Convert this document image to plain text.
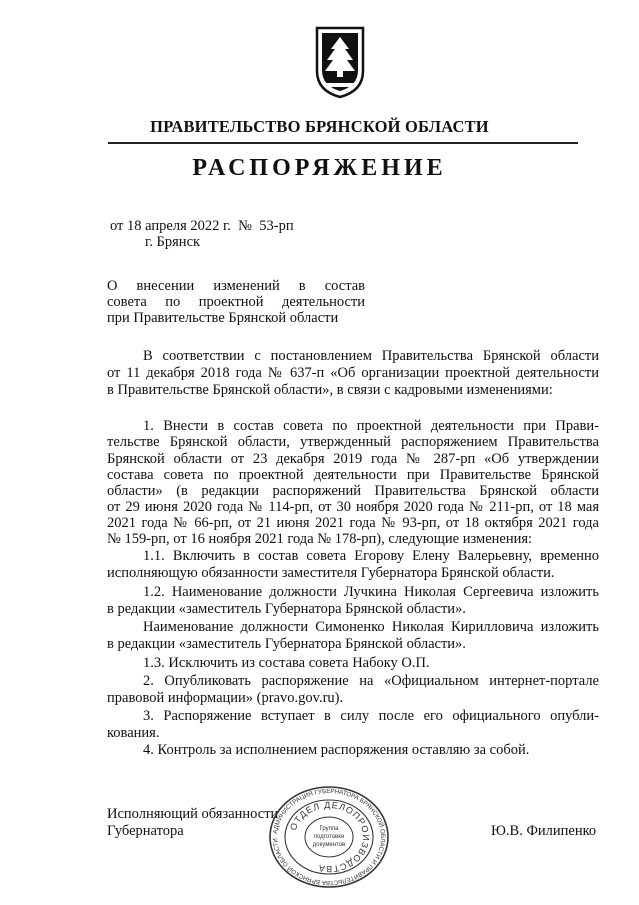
ПРАВИТЕЛЬСТВО БРЯНСКОЙ ОБЛАСТИ
РАСПОРЯЖЕНИЕ
от 18 апреля 2022 г.  №  53-рп
г. Брянск
О внесении изменений в состав
совета по проектной деятельности
при Правительстве Брянской области
В соответствии с постановлением Правительства Брянской области
от 11 декабря 2018 года № 637-п «Об организации проектной деятельности
в Правительстве Брянской области», в связи с кадровыми изменениями:
1. Внести в состав совета по проектной деятельности при Прави-
тельстве Брянской области, утвержденный распоряжением Правительства
Брянской области от 23 декабря 2019 года № 287-рп «Об утверждении
состава совета по проектной деятельности при Правительстве Брянской
области» (в редакции распоряжений Правительства Брянской области
от 29 июня 2020 года № 114-рп, от 30 ноября 2020 года № 211-рп, от 18 мая
2021 года № 66-рп, от 21 июня 2021 года № 93-рп, от 18 октября 2021 года
№ 159-рп, от 16 ноября 2021 года № 178-рп), следующие изменения:
1.1. Включить в состав совета Егорову Елену Валерьевну, временно
исполняющую обязанности заместителя Губернатора Брянской области.
1.2. Наименование должности Лучкина Николая Сергеевича изложить
в редакции «заместитель Губернатора Брянской области».
Наименование должности Симоненко Николая Кирилловича изложить
в редакции «заместитель Губернатора Брянской области».
1.3. Исключить из состава совета Набоку О.П.
2. Опубликовать распоряжение на «Официальном интернет-портале
правовой информации» (pravo.gov.ru).
3. Распоряжение вступает в силу после его официального опубли-
кования.
4. Контроль за исполнением распоряжения оставляю за собой.
Исполняющий обязанности
Губернатора	Ю.В. Филипенко
АДМИНИСТРАЦИЯ ГУБЕРНАТОРА БРЯНСКОЙ ОБЛАСТИ И ПРАВИТЕЛЬСТВА БРЯНСКОЙ ОБЛАСТИ
ОТДЕЛ ДЕЛОПРОИЗВОДСТВА
Группа
подготовки
документов
